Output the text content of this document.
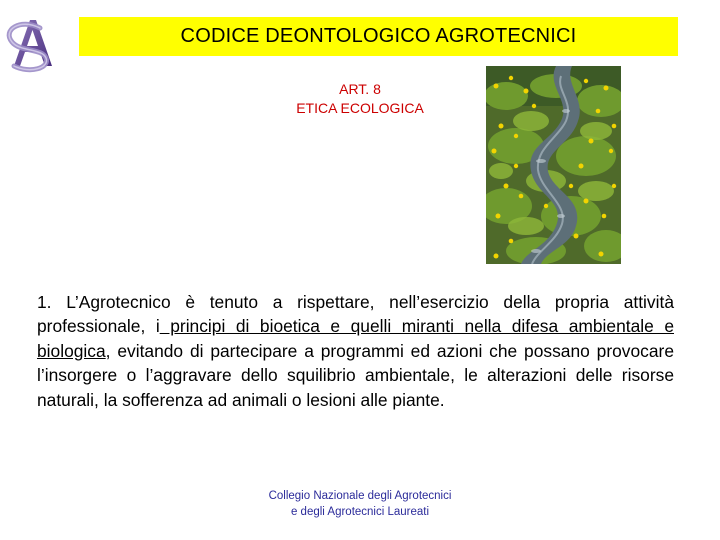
CODICE DEONTOLOGICO AGROTECNICI
ART. 8
ETICA ECOLOGICA
1. L’Agrotecnico è tenuto a rispettare, nell’esercizio della propria attività professionale, i principi di bioetica e quelli miranti nella difesa ambientale e biologica, evitando di partecipare a programmi ed azioni che possano provocare l’insorgere o l’aggravare dello squilibrio ambientale, le alterazioni delle risorse naturali, la sofferenza ad animali o lesioni alle piante.
Collegio Nazionale degli Agrotecnici
e degli Agrotecnici Laureati
